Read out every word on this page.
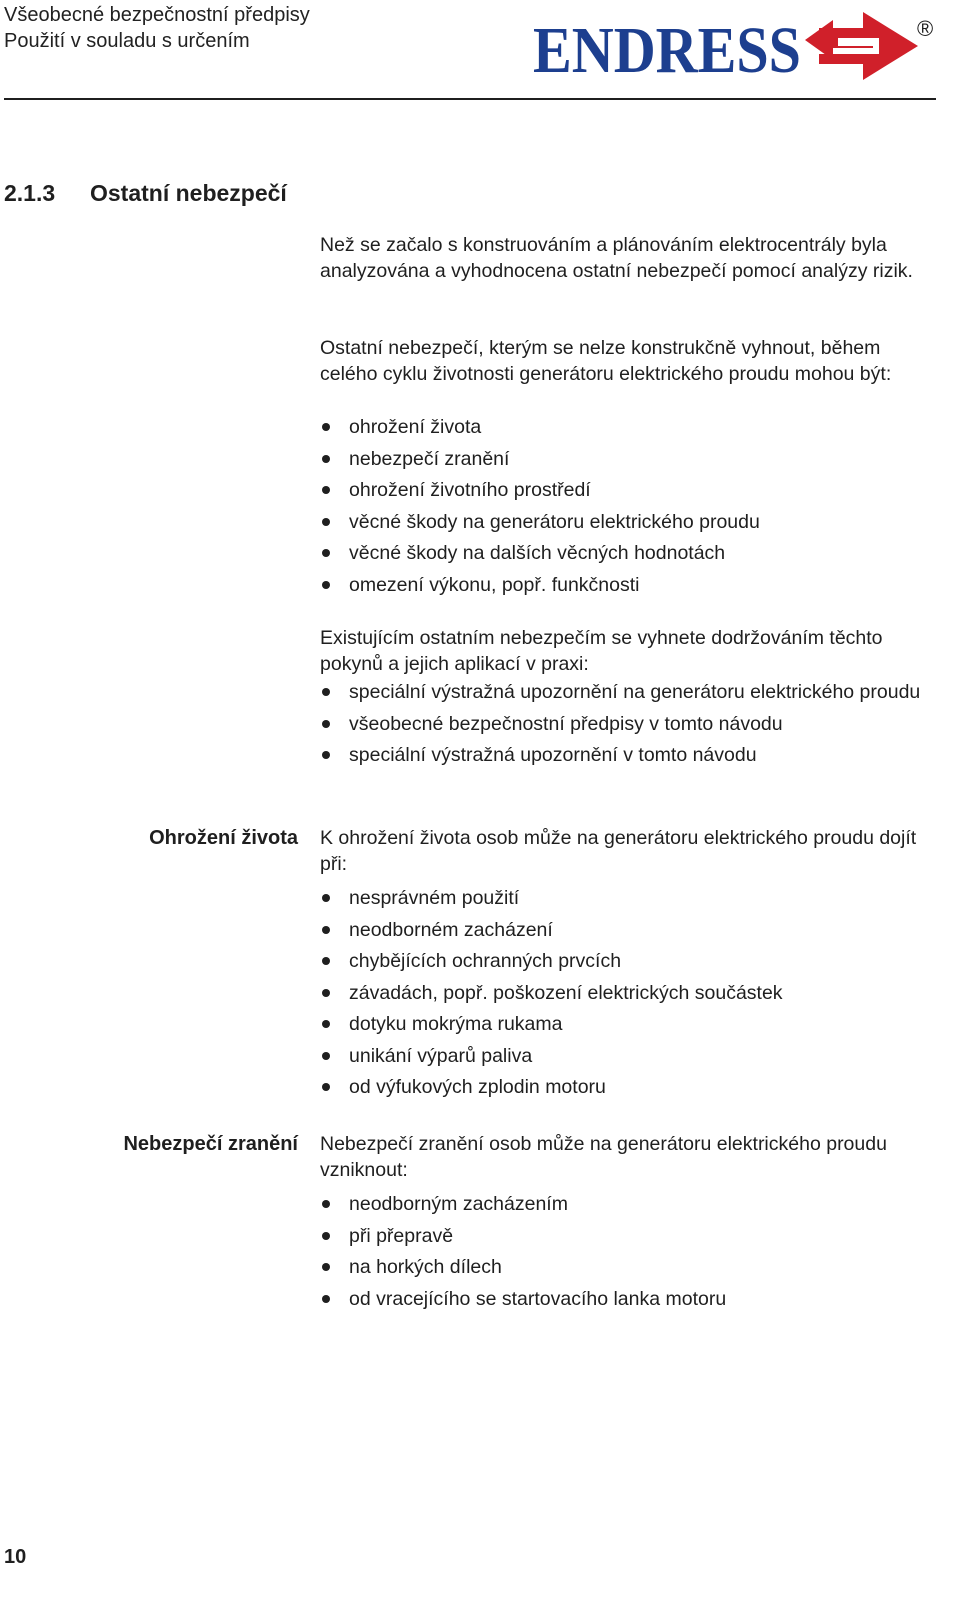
Všeobecné bezpečnostní předpisy
Použití v souladu s určením	ENDRESS	®
2.1.3 Ostatní nebezpečí

Než se začalo s konstruováním a plánováním elektrocentrály byla analyzována a vyhodnocena ostatní nebezpečí pomocí analýzy rizik.

Ostatní nebezpečí, kterým se nelze konstrukčně vyhnout, během celého cyklu životnosti generátoru elektrického proudu mohou být:

ohrožení života
nebezpečí zranění
ohrožení životního prostředí
věcné škody na generátoru elektrického proudu
věcné škody na dalších věcných hodnotách
omezení výkonu, popř. funkčnosti

Existujícím ostatním nebezpečím se vyhnete dodržováním těchto pokynů a jejich aplikací v praxi:

speciální výstražná upozornění na generátoru elektrického proudu
všeobecné bezpečnostní předpisy v tomto návodu
speciální výstražná upozornění v tomto návodu
Ohrožení života K ohrožení života osob může na generátoru elektrického proudu dojít při:

nesprávném použití
neodborném zacházení
chybějících ochranných prvcích
závadách, popř. poškození elektrických součástek
dotyku mokrýma rukama
unikání výparů paliva
od výfukových zplodin motoru
Nebezpečí zranění Nebezpečí zranění osob může na generátoru elektrického proudu vzniknout:

neodborným zacházením
při přepravě
na horkých dílech
od vracejícího se startovacího lanka motoru
10
